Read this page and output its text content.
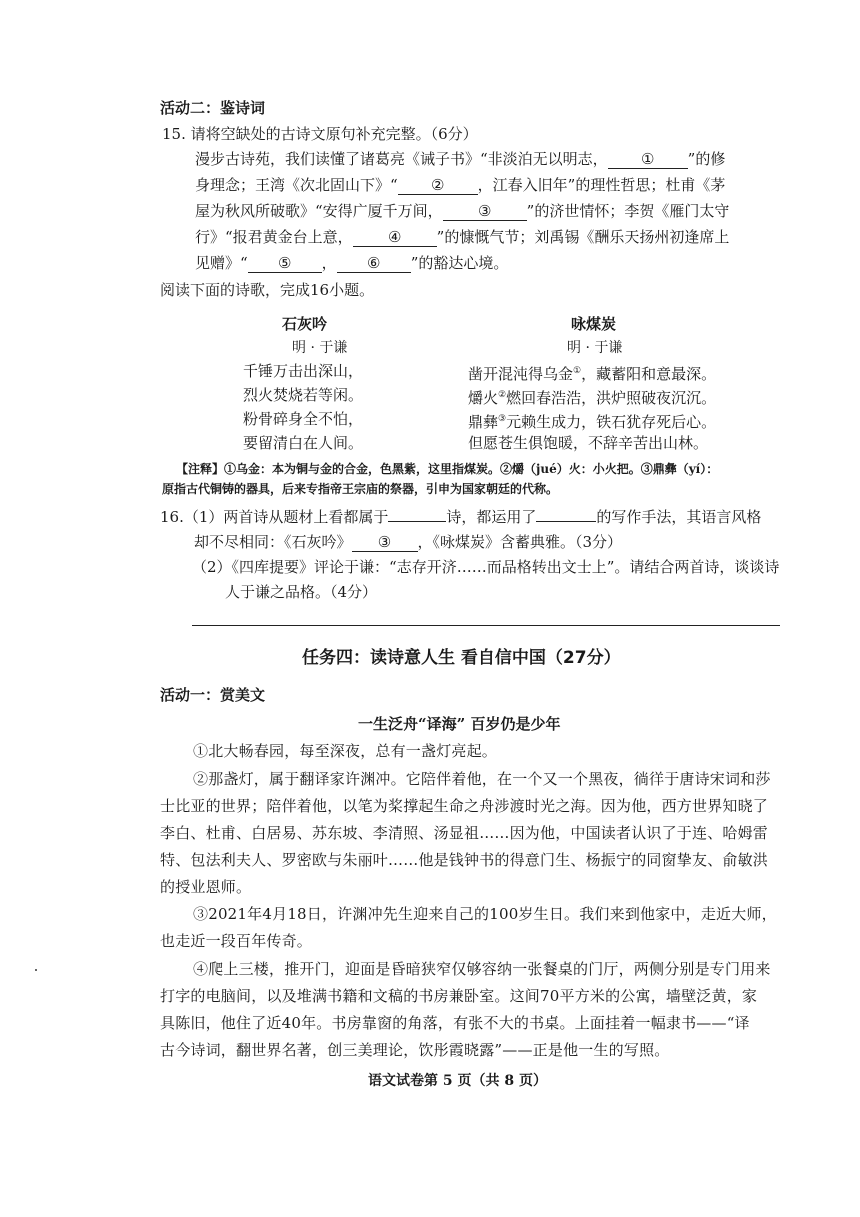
活动二：鉴诗词
15. 请将空缺处的古诗文原句补充完整。（6分）
漫步古诗苑，我们读懂了诸葛亮《诫子书》“非淡泊无以明志， ① ”的修
身理念；王湾《次北固山下》“ ② ，江春入旧年”的理性哲思；杜甫《茅
屋为秋风所破歌》“安得广厦千万间， ③ ”的济世情怀；李贺《雁门太守
行》“报君黄金台上意， ④ ”的慷慨气节；刘禹锡《酬乐天扬州初逢席上
见赠》“ ⑤ ， ⑥ ”的豁达心境。
阅读下面的诗歌，完成16小题。
石灰吟
明 · 于谦
千锤万击出深山，
烈火焚烧若等闲。
粉骨碎身全不怕，
要留清白在人间。
咏煤炭
明 · 于谦
凿开混沌得乌金①，藏蓄阳和意最深。
爝火②燃回春浩浩，洪炉照破夜沉沉。
鼎彝③元赖生成力，铁石犹存死后心。
但愿苍生俱饱暖，不辞辛苦出山林。
【注释】①乌金：本为铜与金的合金，色黑紫，这里指煤炭。②爝（jué）火：小火把。③鼎彝（yí）：
原指古代铜铸的器具，后来专指帝王宗庙的祭器，引申为国家朝廷的代称。
16.（1）两首诗从题材上看都属于	诗，都运用了	的写作手法，其语言风格
却不尽相同：《石灰吟》 ③ ，《咏煤炭》含蓄典雅。（3分）
（2）《四库提要》评论于谦：“志存开济……而品格转出文士上”。请结合两首诗，谈谈诗
人于谦之品格。（4分）
任务四：读诗意人生 看自信中国（27分）
活动一：赏美文
一生泛舟“译海” 百岁仍是少年
①北大畅春园，每至深夜，总有一盏灯亮起。
②那盏灯，属于翻译家许渊冲。它陪伴着他，在一个又一个黑夜，徜徉于唐诗宋词和莎
士比亚的世界；陪伴着他，以笔为桨撑起生命之舟涉渡时光之海。因为他，西方世界知晓了
李白、杜甫、白居易、苏东坡、李清照、汤显祖……因为他，中国读者认识了于连、哈姆雷
特、包法利夫人、罗密欧与朱丽叶……他是钱钟书的得意门生、杨振宁的同窗挚友、俞敏洪
的授业恩师。
③2021年4月18日，许渊冲先生迎来自己的100岁生日。我们来到他家中，走近大师，
也走近一段百年传奇。
④爬上三楼，推开门，迎面是昏暗狭窄仅够容纳一张餐桌的门厅，两侧分别是专门用来
打字的电脑间，以及堆满书籍和文稿的书房兼卧室。这间70平方米的公寓，墙壁泛黄，家
具陈旧，他住了近40年。书房靠窗的角落，有张不大的书桌。上面挂着一幅隶书——“译
古今诗词，翻世界名著，创三美理论，饮彤霞晓露”——正是他一生的写照。
语文试卷第 5 页（共 8 页）
